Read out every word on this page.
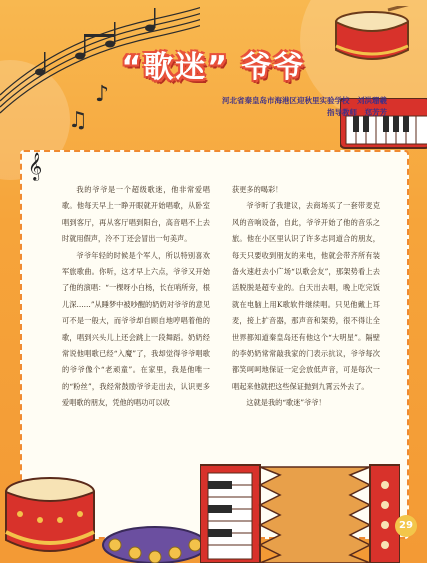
♪
♫
“歌迷” 爷爷
河北省秦皇岛市海港区迎秋里实验学校　刘洪珊羲
指导教师　郑芳芳
𝄞

我的爷爷是一个超级歌迷，他非常爱唱歌。他每天早上一睁开眼就开始唱歌，从卧室唱到客厅，再从客厅唱到阳台，高音唱不上去时就用假声，冷不丁还会冒出一句美声。

爷爷年轻的时候是个军人，所以特别喜欢军旅歌曲。你听，这才早上六点，爷爷又开始了他的演唱：“一棵呀小白杨，长在哨所旁，根儿深……”从睡梦中被吵醒的奶奶对爷爷的意见可不是一般大，而爷爷却自顾自地哼唱着他的歌，唱到兴头儿上还会跳上一段舞蹈。奶奶经常说他唱歌已经“入魔”了，我却觉得爷爷唱歌的爷爷像个“老顽童”。在家里，我是他唯一的“粉丝”，我经常鼓励爷爷走出去，认识更多爱唱歌的朋友，凭他的唱功可以收

获更多的喝彩！

爷爷听了我建议，去商场买了一套带麦克风的音响设备，自此，爷爷开始了他的音乐之旅。他在小区里认识了许多志同道合的朋友，每天只要收到朋友的来电，他就会带齐所有装备火速赶去小广场“以歌会友”，那架势看上去活脱脱是超专业的。白天出去唱，晚上吃完饭就在电脑上用K歌软件继续唱。只见他戴上耳麦，接上扩音器，那声音和架势，很不得让全世界都知道秦皇岛还有他这个“大明星”。隔壁的李奶奶常常敲我家的门表示抗议，爷爷每次都笑呵呵地保证一定会放低声音，可是每次一唱起来他就把这些保证抛到九霄云外去了。

这就是我的“歌迷”爷爷！

29
